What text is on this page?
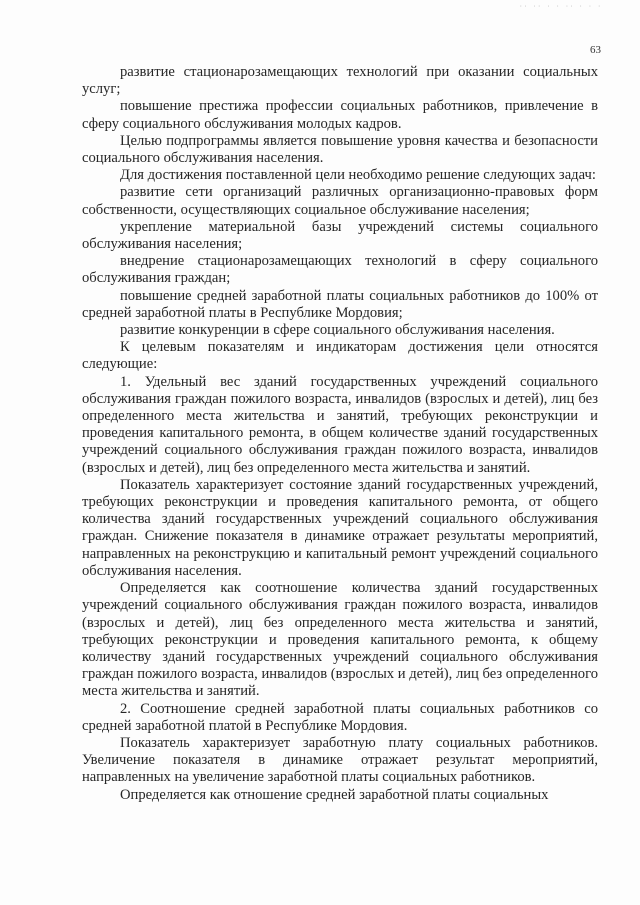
·· ·· · · ·· · · ·
63

развитие стационарозамещающих технологий при оказании социальных услуг;

повышение престижа профессии социальных работников, привлечение в сферу социального обслуживания молодых кадров.

Целью подпрограммы является повышение уровня качества и безопасности социального обслуживания населения.

Для достижения поставленной цели необходимо решение следующих задач:

развитие сети организаций различных организационно-правовых форм собственности, осуществляющих социальное обслуживание населения;

укрепление материальной базы учреждений системы социального обслуживания населения;

внедрение стационарозамещающих технологий в сферу социального обслуживания граждан;

повышение средней заработной платы социальных работников до 100% от средней заработной платы в Республике Мордовия;

развитие конкуренции в сфере социального обслуживания населения.

К целевым показателям и индикаторам достижения цели относятся следующие:

1. Удельный вес зданий государственных учреждений социального обслуживания граждан пожилого возраста, инвалидов (взрослых и детей), лиц без определенного места жительства и занятий, требующих реконструкции и проведения капитального ремонта, в общем количестве зданий государственных учреждений социального обслуживания граждан пожилого возраста, инвалидов (взрослых и детей), лиц без определенного места жительства и занятий.

Показатель характеризует состояние зданий государственных учреждений, требующих реконструкции и проведения капитального ремонта, от общего количества зданий государственных учреждений социального обслуживания граждан. Снижение показателя в динамике отражает результаты мероприятий, направленных на реконструкцию и капитальный ремонт учреждений социального обслуживания населения.

Определяется как соотношение количества зданий государственных учреждений социального обслуживания граждан пожилого возраста, инвалидов (взрослых и детей), лиц без определенного места жительства и занятий, требующих реконструкции и проведения капитального ремонта, к общему количеству зданий государственных учреждений социального обслуживания граждан пожилого возраста, инвалидов (взрослых и детей), лиц без определенного места жительства и занятий.

2. Соотношение средней заработной платы социальных работников со средней заработной платой в Республике Мордовия.

Показатель характеризует заработную плату социальных работников. Увеличение показателя в динамике отражает результат мероприятий, направленных на увеличение заработной платы социальных работников.

Определяется как отношение средней заработной платы социальных
